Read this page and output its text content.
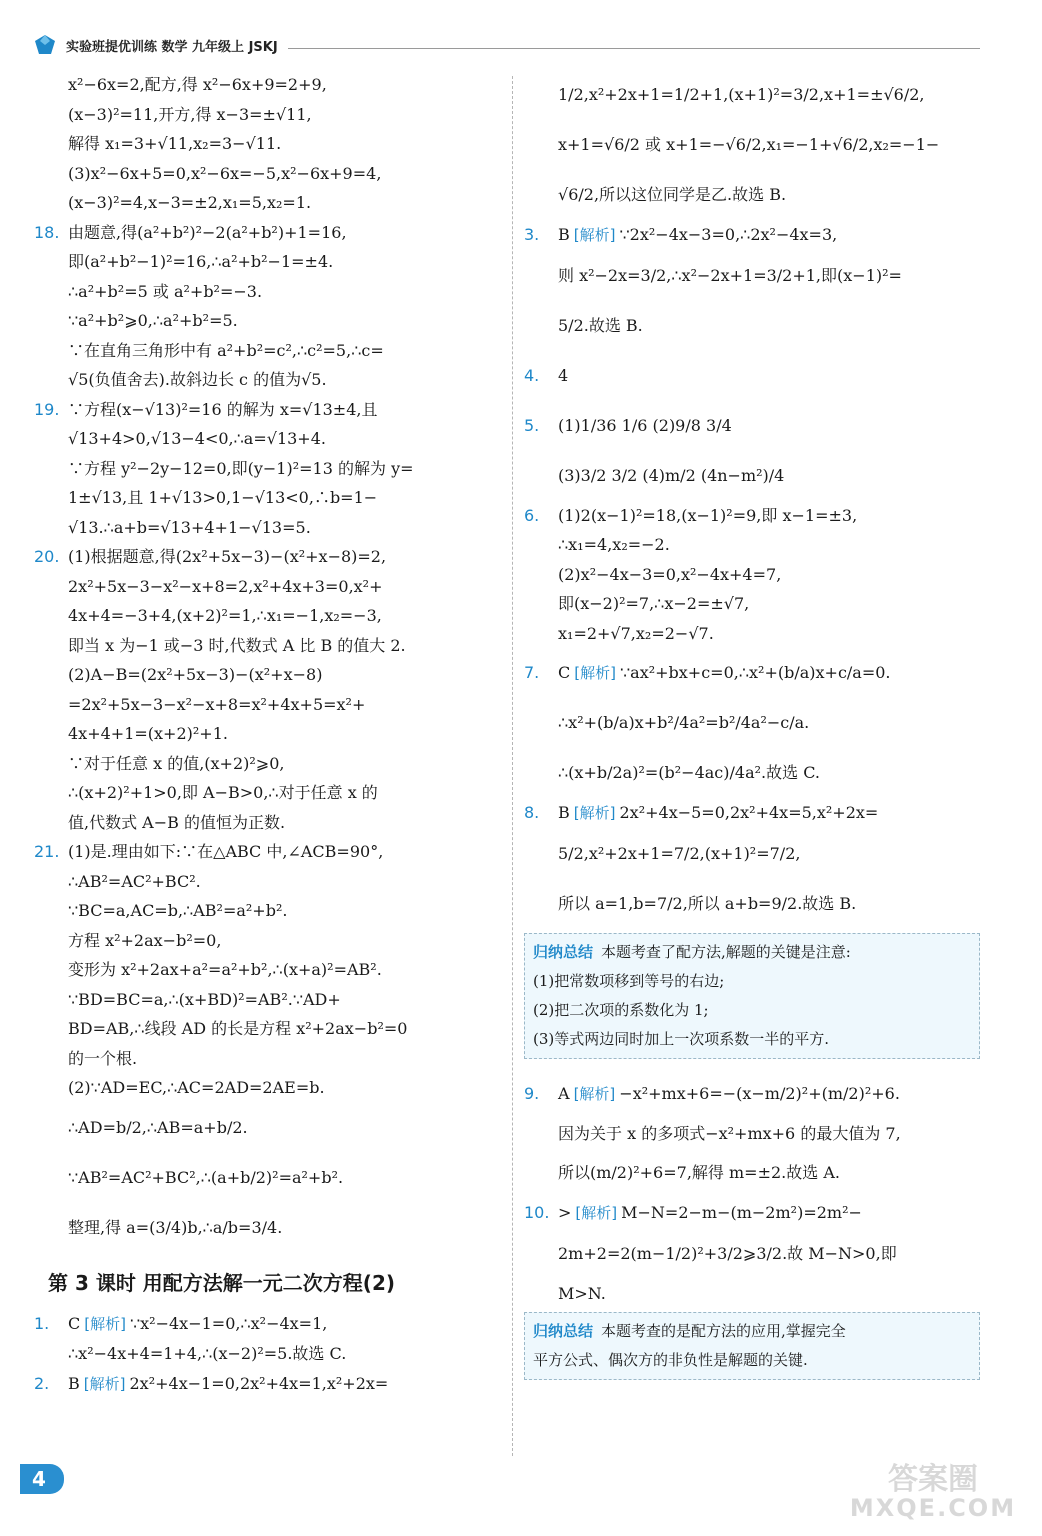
实验班提优训练 数学 九年级上 JSKJ
x²−6x=2,配方,得 x²−6x+9=2+9,
(x−3)²=11,开方,得 x−3=±√11,
解得 x₁=3+√11,x₂=3−√11.
(3)x²−6x+5=0,x²−6x=−5,x²−6x+9=4,
(x−3)²=4,x−3=±2,x₁=5,x₂=1.
18. 由题意,得(a²+b²)²−2(a²+b²)+1=16,
即(a²+b²−1)²=16,∴a²+b²−1=±4.
∴a²+b²=5 或 a²+b²=−3.
∵a²+b²⩾0,∴a²+b²=5.
∵在直角三角形中有 a²+b²=c²,∴c²=5,∴c=
√5(负值舍去).故斜边长 c 的值为√5.
19. ∵方程(x−√13)²=16 的解为 x=√13±4,且
√13+4>0,√13−4<0,∴a=√13+4.
∵方程 y²−2y−12=0,即(y−1)²=13 的解为 y=
1±√13,且 1+√13>0,1−√13<0,∴b=1−
√13.∴a+b=√13+4+1−√13=5.
20. (1)根据题意,得(2x²+5x−3)−(x²+x−8)=2,
2x²+5x−3−x²−x+8=2,x²+4x+3=0,x²+
4x+4=−3+4,(x+2)²=1,∴x₁=−1,x₂=−3,
即当 x 为−1 或−3 时,代数式 A 比 B 的值大 2.
(2)A−B=(2x²+5x−3)−(x²+x−8)
=2x²+5x−3−x²−x+8=x²+4x+5=x²+
4x+4+1=(x+2)²+1.
∵对于任意 x 的值,(x+2)²⩾0,
∴(x+2)²+1>0,即 A−B>0,∴对于任意 x 的
值,代数式 A−B 的值恒为正数.
21. (1)是.理由如下:∵在△ABC 中,∠ACB=90°,
∴AB²=AC²+BC².
∵BC=a,AC=b,∴AB²=a²+b².
方程 x²+2ax−b²=0,
变形为 x²+2ax+a²=a²+b²,∴(x+a)²=AB².
∵BD=BC=a,∴(x+BD)²=AB².∵AD+
BD=AB,∴线段 AD 的长是方程 x²+2ax−b²=0
的一个根.
(2)∵AD=EC,∴AC=2AD=2AE=b.
∴AD=b/2,∴AB=a+b/2.
∵AB²=AC²+BC²,∴(a+b/2)²=a²+b².
整理,得 a=(3/4)b,∴a/b=3/4.
第 3 课时 用配方法解一元二次方程(2)
1. C [解析] ∵x²−4x−1=0,∴x²−4x=1,
∴x²−4x+4=1+4,∴(x−2)²=5.故选 C.
2. B [解析] 2x²+4x−1=0,2x²+4x=1,x²+2x=
1/2,x²+2x+1=1/2+1,(x+1)²=3/2,x+1=±√6/2,
x+1=√6/2 或 x+1=−√6/2,x₁=−1+√6/2,x₂=−1−
√6/2,所以这位同学是乙.故选 B.
3. B [解析] ∵2x²−4x−3=0,∴2x²−4x=3,
则 x²−2x=3/2,∴x²−2x+1=3/2+1,即(x−1)²=
5/2.故选 B.
4. 4
5. (1)1/36 1/6 (2)9/8 3/4
(3)3/2 3/2 (4)m/2 (4n−m²)/4
6. (1)2(x−1)²=18,(x−1)²=9,即 x−1=±3,
∴x₁=4,x₂=−2.
(2)x²−4x−3=0,x²−4x+4=7,
即(x−2)²=7,∴x−2=±√7,
x₁=2+√7,x₂=2−√7.
7. C [解析] ∵ax²+bx+c=0,∴x²+(b/a)x+c/a=0.
∴x²+(b/a)x+b²/4a²=b²/4a²−c/a.
∴(x+b/2a)²=(b²−4ac)/4a².故选 C.
8. B [解析] 2x²+4x−5=0,2x²+4x=5,x²+2x=
5/2,x²+2x+1=7/2,(x+1)²=7/2,
所以 a=1,b=7/2,所以 a+b=9/2.故选 B.
归纳总结 本题考查了配方法,解题的关键是注意:
(1)把常数项移到等号的右边;
(2)把二次项的系数化为 1;
(3)等式两边同时加上一次项系数一半的平方.
9. A [解析] −x²+mx+6=−(x−m/2)²+(m/2)²+6.
因为关于 x 的多项式−x²+mx+6 的最大值为 7,
所以(m/2)²+6=7,解得 m=±2.故选 A.
10. > [解析] M−N=2−m−(m−2m²)=2m²−
2m+2=2(m−1/2)²+3/2⩾3/2.故 M−N>0,即
M>N.
归纳总结 本题考查的是配方法的应用,掌握完全
平方公式、偶次方的非负性是解题的关键.
4	答案圈
MXQE.COM
